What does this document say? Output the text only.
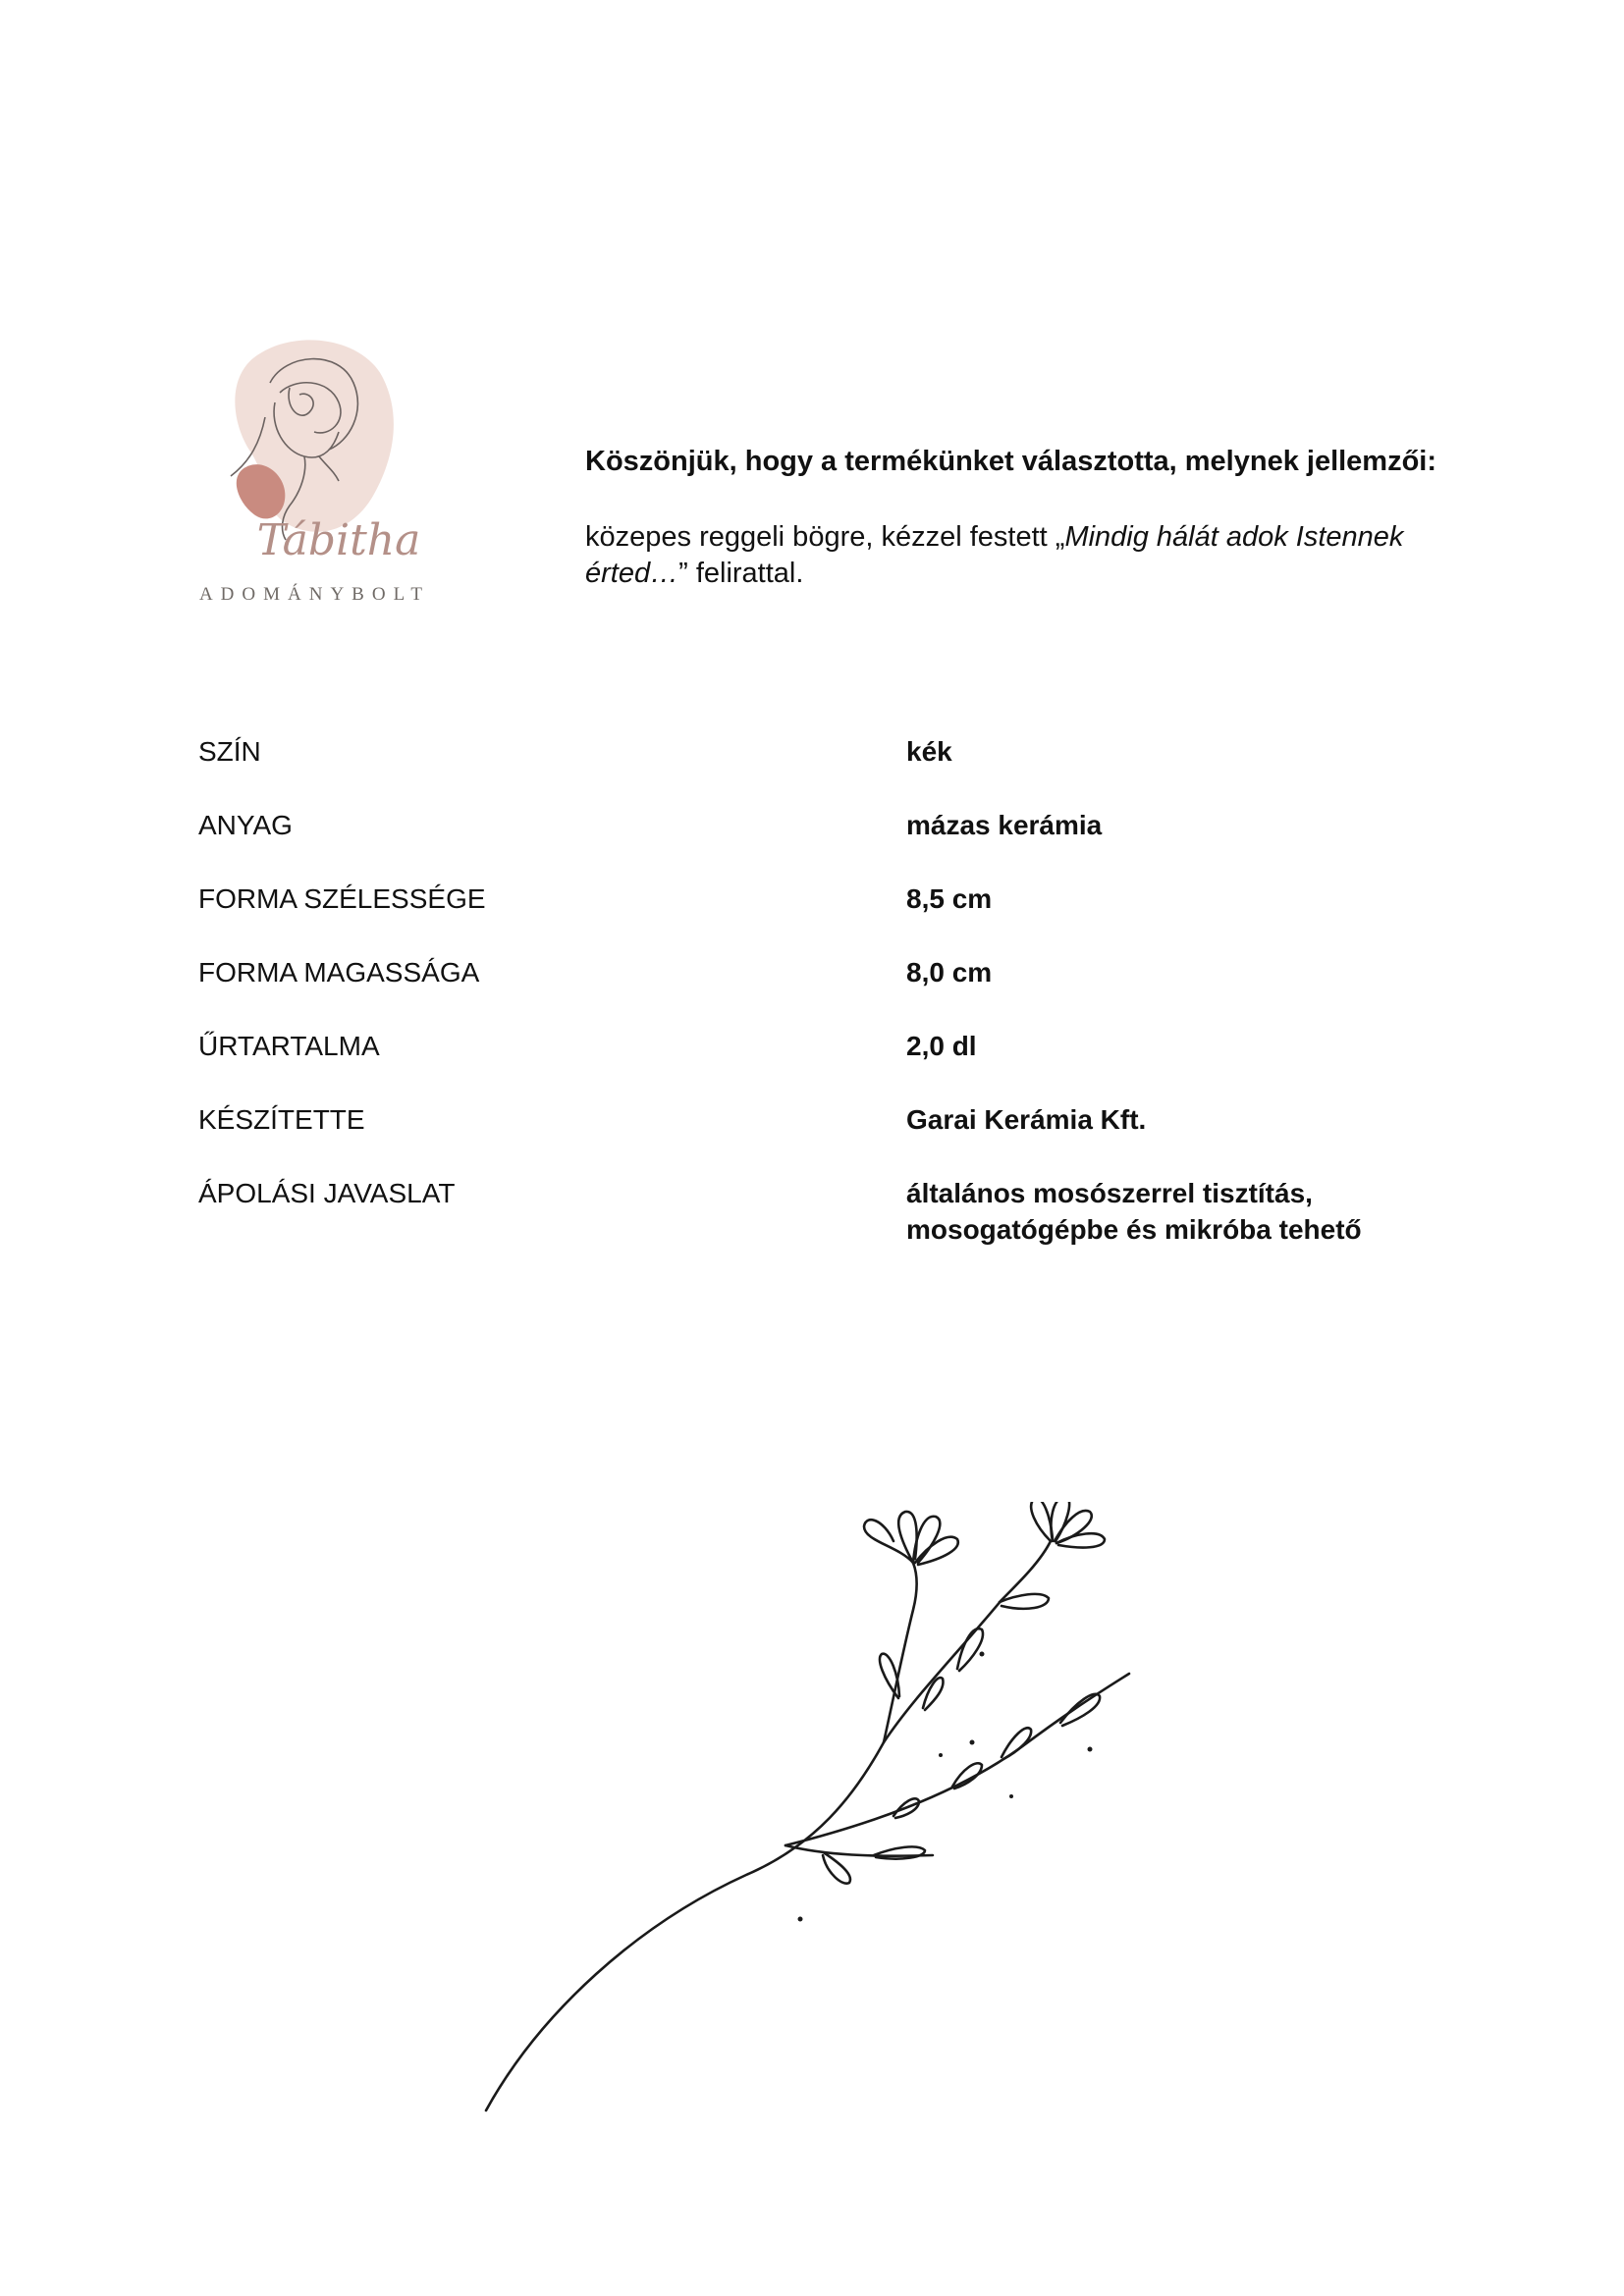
Tábitha
ADOMÁNYBOLT

Köszönjük, hogy a termékünket választotta, melynek jellemzői:

közepes reggeli bögre, kézzel festett „Mindig hálát adok Istennek érted…” felirattal.

SZÍN	kék
ANYAG	mázas kerámia
FORMA SZÉLESSÉGE	8,5 cm
FORMA MAGASSÁGA	8,0 cm
ŰRTARTALMA	2,0 dl
KÉSZÍTETTE	Garai Kerámia Kft.
ÁPOLÁSI JAVASLAT	általános mosószerrel tisztítás, mosogatógépbe és mikróba tehető
